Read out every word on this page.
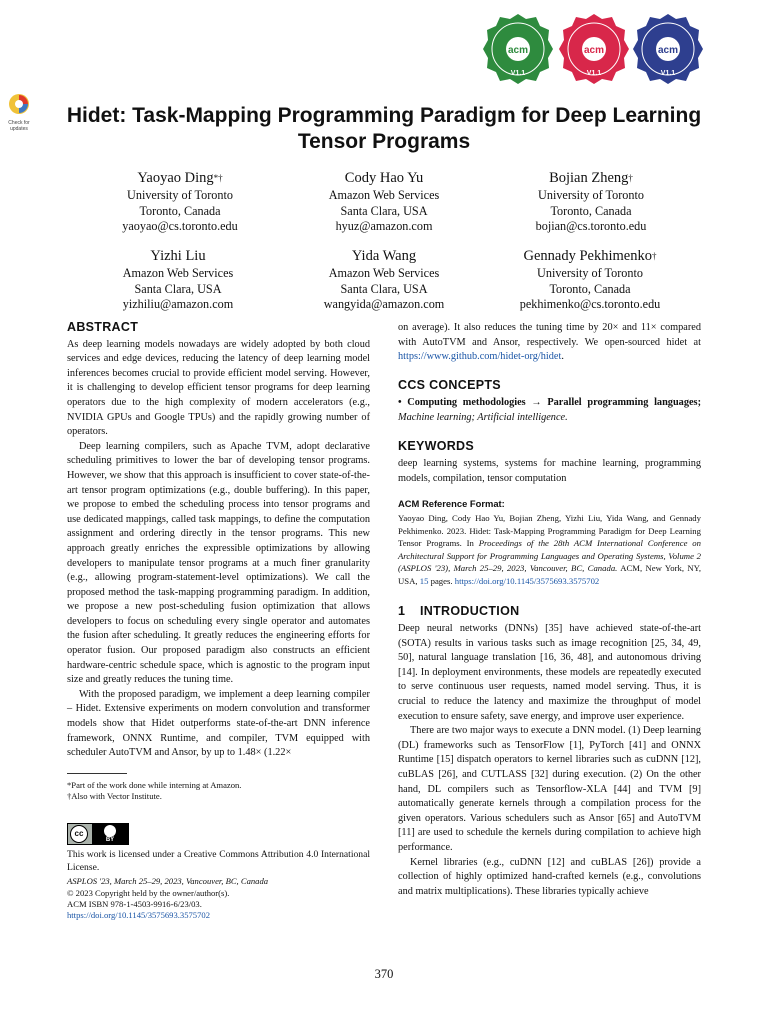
Check for updates
acm
V1.1
acm
V1.1
acm
V1.1
Hidet: Task-Mapping Programming Paradigm for Deep Learning
Tensor Programs
Yaoyao Ding*†
University of Toronto
Toronto, Canada
yaoyao@cs.toronto.edu
Cody Hao Yu
Amazon Web Services
Santa Clara, USA
hyuz@amazon.com
Bojian Zheng†
University of Toronto
Toronto, Canada
bojian@cs.toronto.edu
Yizhi Liu
Amazon Web Services
Santa Clara, USA
yizhiliu@amazon.com
Yida Wang
Amazon Web Services
Santa Clara, USA
wangyida@amazon.com
Gennady Pekhimenko†
University of Toronto
Toronto, Canada
pekhimenko@cs.toronto.edu
ABSTRACT

As deep learning models nowadays are widely adopted by both cloud services and edge devices, reducing the latency of deep learning model inferences becomes crucial to provide efficient model serving. However, it is challenging to develop efficient tensor programs for deep learning operators due to the high complexity of modern accelerators (e.g., NVIDIA GPUs and Google TPUs) and the rapidly growing number of operators.

Deep learning compilers, such as Apache TVM, adopt declarative scheduling primitives to lower the bar of developing tensor programs. However, we show that this approach is insufficient to cover state-of-the-art tensor program optimizations (e.g., double buffering). In this paper, we propose to embed the scheduling process into tensor programs and use dedicated mappings, called task mappings, to define the computation assignment and ordering directly in the tensor programs. This new approach greatly enriches the expressible optimizations by allowing developers to manipulate tensor programs at a much finer granularity (e.g., allowing program-statement-level optimizations). We call the proposed method the task-mapping programming paradigm. In addition, we propose a new post-scheduling fusion optimization that allows developers to focus on scheduling every single operator and automates the fusion after scheduling. It greatly reduces the engineering efforts for operator fusion. Our proposed paradigm also constructs an efficient hardware-centric schedule space, which is agnostic to the program input size and greatly reduces the tuning time.

With the proposed paradigm, we implement a deep learning compiler – Hidet. Extensive experiments on modern convolution and transformer models show that Hidet outperforms state-of-the-art DNN inference framework, ONNX Runtime, and compiler, TVM equipped with scheduler AutoTVM and Ansor, by up to 1.48× (1.22×

*Part of the work done while interning at Amazon.
†Also with Vector Institute.
cc
BY
This work is licensed under a Creative Commons Attribution 4.0 International License.
ASPLOS '23, March 25–29, 2023, Vancouver, BC, Canada
© 2023 Copyright held by the owner/author(s).
ACM ISBN 978-1-4503-9916-6/23/03.
https://doi.org/10.1145/3575693.3575702

on average). It also reduces the tuning time by 20× and 11× compared with AutoTVM and Ansor, respectively. We open-sourced hidet at https://www.github.com/hidet-org/hidet.

CCS CONCEPTS

• Computing methodologies → Parallel programming languages; Machine learning; Artificial intelligence.

KEYWORDS

deep learning systems, systems for machine learning, programming models, compilation, tensor computation

ACM Reference Format:
Yaoyao Ding, Cody Hao Yu, Bojian Zheng, Yizhi Liu, Yida Wang, and Gennady Pekhimenko. 2023. Hidet: Task-Mapping Programming Paradigm for Deep Learning Tensor Programs. In Proceedings of the 28th ACM International Conference on Architectural Support for Programming Languages and Operating Systems, Volume 2 (ASPLOS '23), March 25–29, 2023, Vancouver, BC, Canada. ACM, New York, NY, USA, 15 pages. https://doi.org/10.1145/3575693.3575702
1 INTRODUCTION

Deep neural networks (DNNs) [35] have achieved state-of-the-art (SOTA) results in various tasks such as image recognition [25, 34, 49, 50], natural language translation [16, 36, 48], and autonomous driving [14]. In deployment environments, these models are repeatedly executed to serve continuous user requests, named model serving. Thus, it is crucial to reduce the latency and maximize the throughput of model execution to ensure safety, save energy, and improve user experience.

There are two major ways to execute a DNN model. (1) Deep learning (DL) frameworks such as TensorFlow [1], PyTorch [41] and ONNX Runtime [15] dispatch operators to kernel libraries such as cuDNN [12], cuBLAS [26], and CUTLASS [32] during execution. (2) On the other hand, DL compilers such as Tensorflow-XLA [44] and TVM [9] automatically generate kernels through a compilation process for the given operators. Various schedulers such as Ansor [65] and AutoTVM [11] are used to schedule the kernels during compilation to achieve high performance.

Kernel libraries (e.g., cuDNN [12] and cuBLAS [26]) provide a collection of highly optimized hand-crafted kernels (e.g., convolutions and matrix multiplications). These libraries typically achieve

370
